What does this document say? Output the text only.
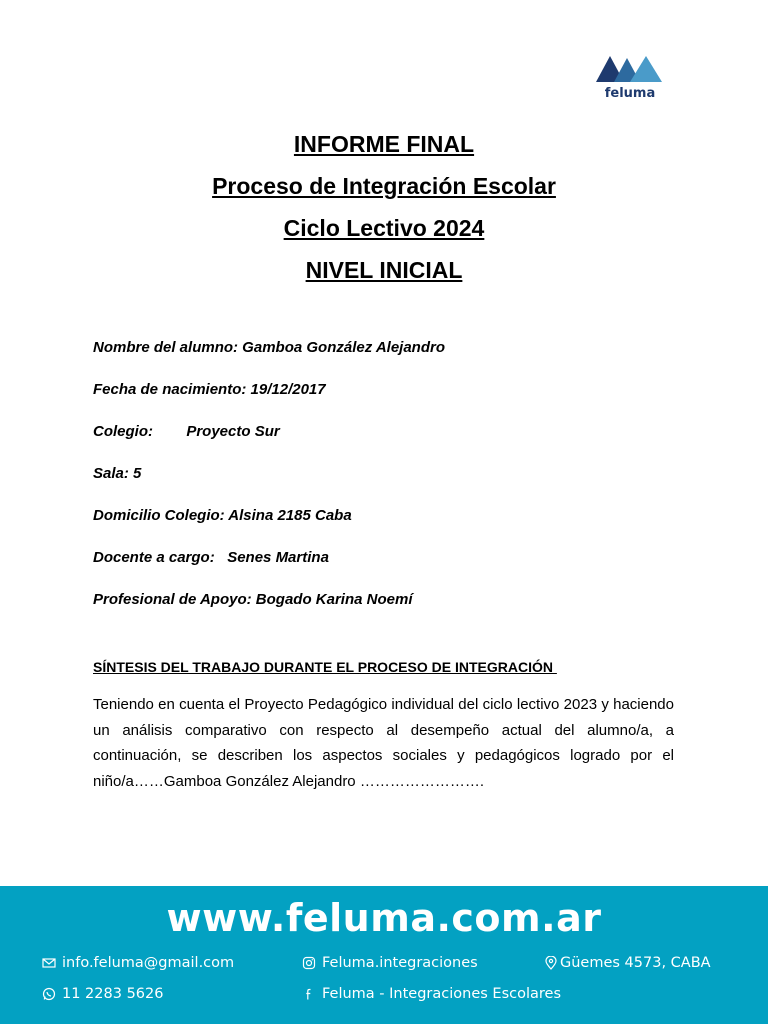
feluma
INFORME FINAL
Proceso de Integración Escolar
Ciclo Lectivo 2024
NIVEL INICIAL
Nombre del alumno: Gamboa González Alejandro
Fecha de nacimiento: 19/12/2017
Colegio:        Proyecto Sur
Sala: 5
Domicilio Colegio: Alsina 2185 Caba
Docente a cargo:   Senes Martina
Profesional de Apoyo: Bogado Karina Noemí
SÍNTESIS DEL TRABAJO DURANTE EL PROCESO DE INTEGRACIÓN
Teniendo en cuenta el Proyecto Pedagógico individual del ciclo lectivo 2023 y haciendo un análisis comparativo con respecto al desempeño actual del alumno/a, a continuación, se describen los aspectos sociales y pedagógicos logrado por el niño/a……Gamboa González Alejandro …………………….
www.feluma.com.ar
info.feluma@gmail.com
11 2283 5626
Feluma.integraciones
Feluma - Integraciones Escolares
Güemes 4573, CABA
